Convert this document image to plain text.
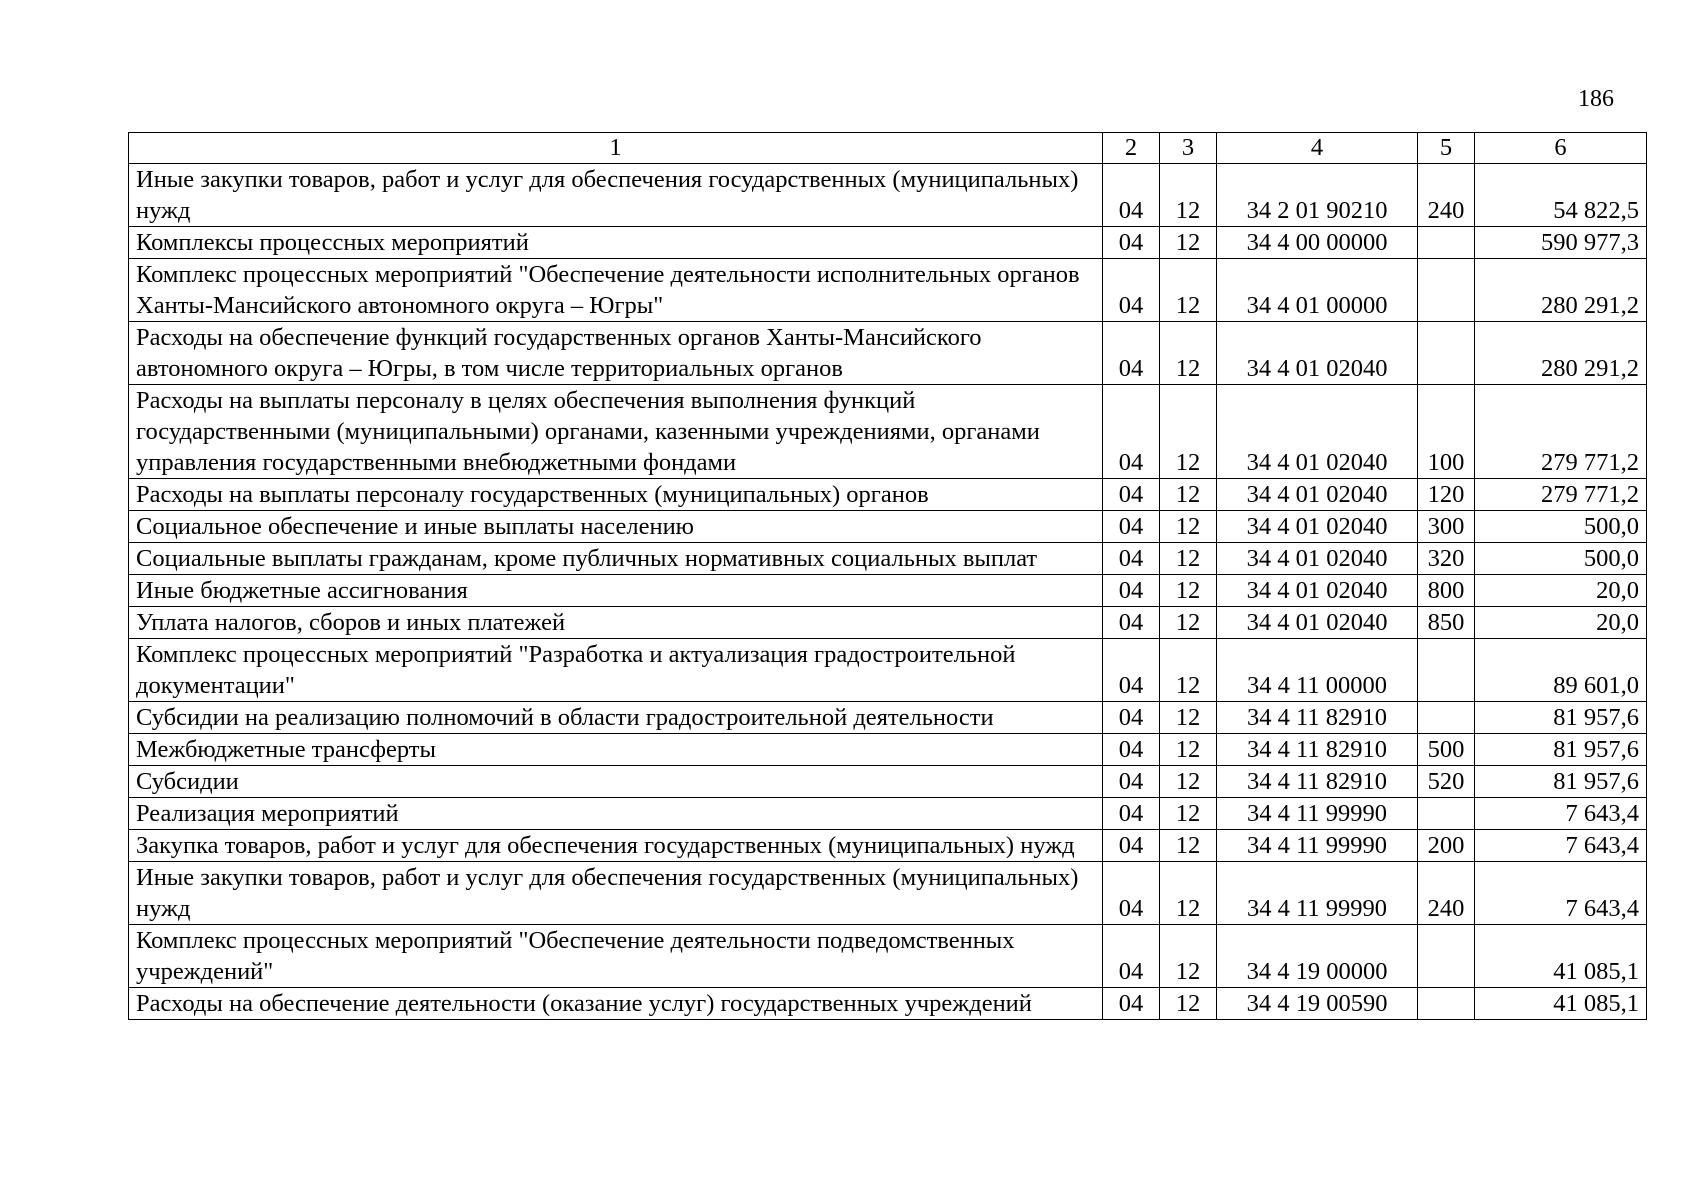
186
1	2	3	4	5	6
Иные закупки товаров, работ и услуг для обеспечения государственных (муниципальных) нужд	04	12	34 2 01 90210	240	54 822,5
Комплексы процессных мероприятий	04	12	34 4 00 00000		590 977,3
Комплекс процессных мероприятий "Обеспечение деятельности исполнительных органов Ханты-Мансийского автономного округа – Югры"	04	12	34 4 01 00000		280 291,2
Расходы на обеспечение функций государственных органов Ханты-Мансийского автономного округа – Югры, в том числе территориальных органов	04	12	34 4 01 02040		280 291,2
Расходы на выплаты персоналу в целях обеспечения выполнения функций государственными (муниципальными) органами, казенными учреждениями, органами управления государственными внебюджетными фондами	04	12	34 4 01 02040	100	279 771,2
Расходы на выплаты персоналу государственных (муниципальных) органов	04	12	34 4 01 02040	120	279 771,2
Социальное обеспечение и иные выплаты населению	04	12	34 4 01 02040	300	500,0
Социальные выплаты гражданам, кроме публичных нормативных социальных выплат	04	12	34 4 01 02040	320	500,0
Иные бюджетные ассигнования	04	12	34 4 01 02040	800	20,0
Уплата налогов, сборов и иных платежей	04	12	34 4 01 02040	850	20,0
Комплекс процессных мероприятий "Разработка и актуализация градостроительной документации"	04	12	34 4 11 00000		89 601,0
Субсидии на реализацию полномочий в области градостроительной деятельности	04	12	34 4 11 82910		81 957,6
Межбюджетные трансферты	04	12	34 4 11 82910	500	81 957,6
Субсидии	04	12	34 4 11 82910	520	81 957,6
Реализация мероприятий	04	12	34 4 11 99990		7 643,4
Закупка товаров, работ и услуг для обеспечения государственных (муниципальных) нужд	04	12	34 4 11 99990	200	7 643,4
Иные закупки товаров, работ и услуг для обеспечения государственных (муниципальных) нужд	04	12	34 4 11 99990	240	7 643,4
Комплекс процессных мероприятий "Обеспечение деятельности подведомственных учреждений"	04	12	34 4 19 00000		41 085,1
Расходы на обеспечение деятельности (оказание услуг) государственных учреждений	04	12	34 4 19 00590		41 085,1
